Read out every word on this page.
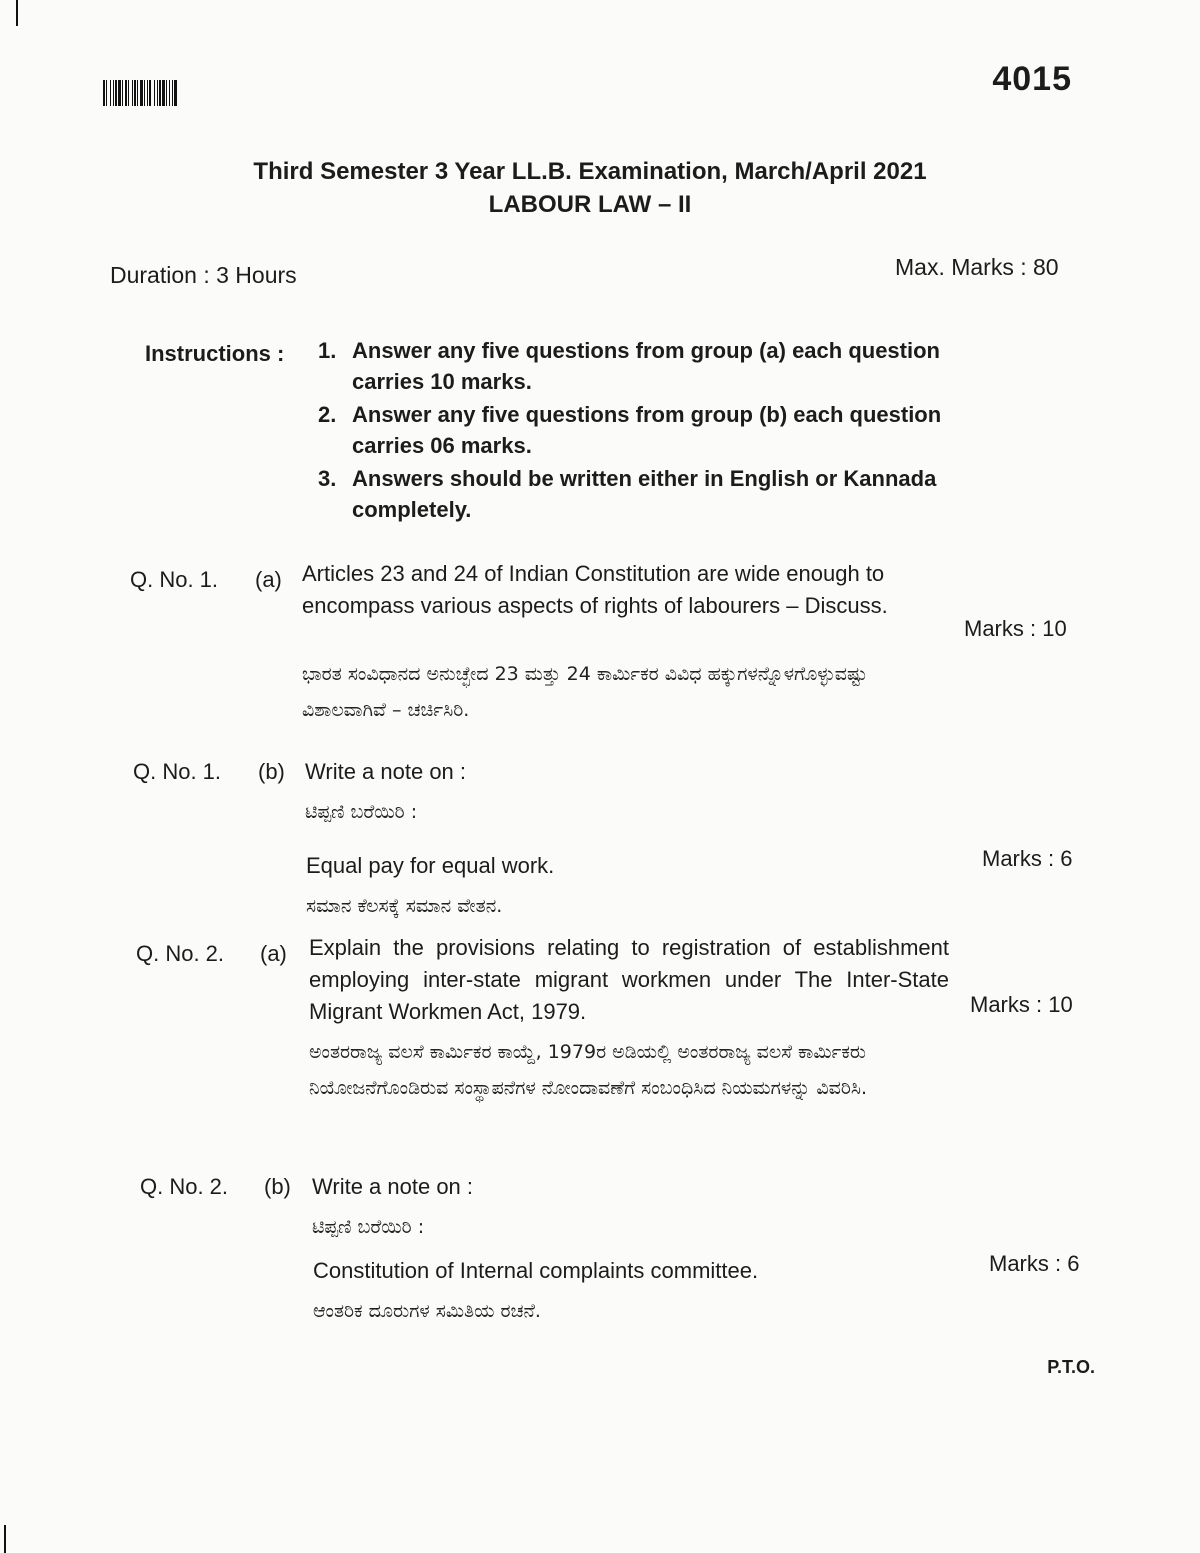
4015
Third Semester 3 Year LL.B. Examination, March/April 2021
LABOUR LAW – II
Duration : 3 Hours	Max. Marks : 80
Instructions : 1. Answer any five questions from group (a) each question carries 10 marks.
2. Answer any five questions from group (b) each question carries 06 marks.
3. Answers should be written either in English or Kannada completely.
Q. No. 1.	(a) Articles 23 and 24 of Indian Constitution are wide enough to encompass various aspects of rights of labourers – Discuss.
ಭಾರತ ಸಂವಿಧಾನದ ಅನುಚ್ಛೇದ 23 ಮತ್ತು 24 ಕಾರ್ಮಿಕರ ವಿವಿಧ ಹಕ್ಕುಗಳನ್ನೊಳಗೊಳ್ಳುವಷ್ಟು ವಿಶಾಲವಾಗಿವೆ – ಚರ್ಚಿಸಿರಿ.
Marks : 10
Q. No. 1.	(b) Write a note on :
ಟಿಪ್ಪಣಿ ಬರೆಯಿರಿ :
Equal pay for equal work.
ಸಮಾನ ಕೆಲಸಕ್ಕೆ ಸಮಾನ ವೇತನ.
Marks : 6
Q. No. 2.	(a)	Explain the provisions relating to registration of establishment employing inter-state migrant workmen under The Inter-State Migrant Workmen Act, 1979.
ಅಂತರರಾಜ್ಯ ವಲಸೆ ಕಾರ್ಮಿಕರ ಕಾಯ್ದೆ, 1979ರ ಅಡಿಯಲ್ಲಿ ಅಂತರರಾಜ್ಯ ವಲಸೆ ಕಾರ್ಮಿಕರು ನಿಯೋಜನೆಗೊಂಡಿರುವ ಸಂಸ್ಥಾಪನೆಗಳ ನೋಂದಾವಣೆಗೆ ಸಂಬಂಧಿಸಿದ ನಿಯಮಗಳನ್ನು ವಿವರಿಸಿ.
Marks : 10
Q. No. 2.	(b) Write a note on :
ಟಿಪ್ಪಣಿ ಬರೆಯಿರಿ :
Constitution of Internal complaints committee.
ಆಂತರಿಕ ದೂರುಗಳ ಸಮಿತಿಯ ರಚನೆ.
Marks : 6
P.T.O.
